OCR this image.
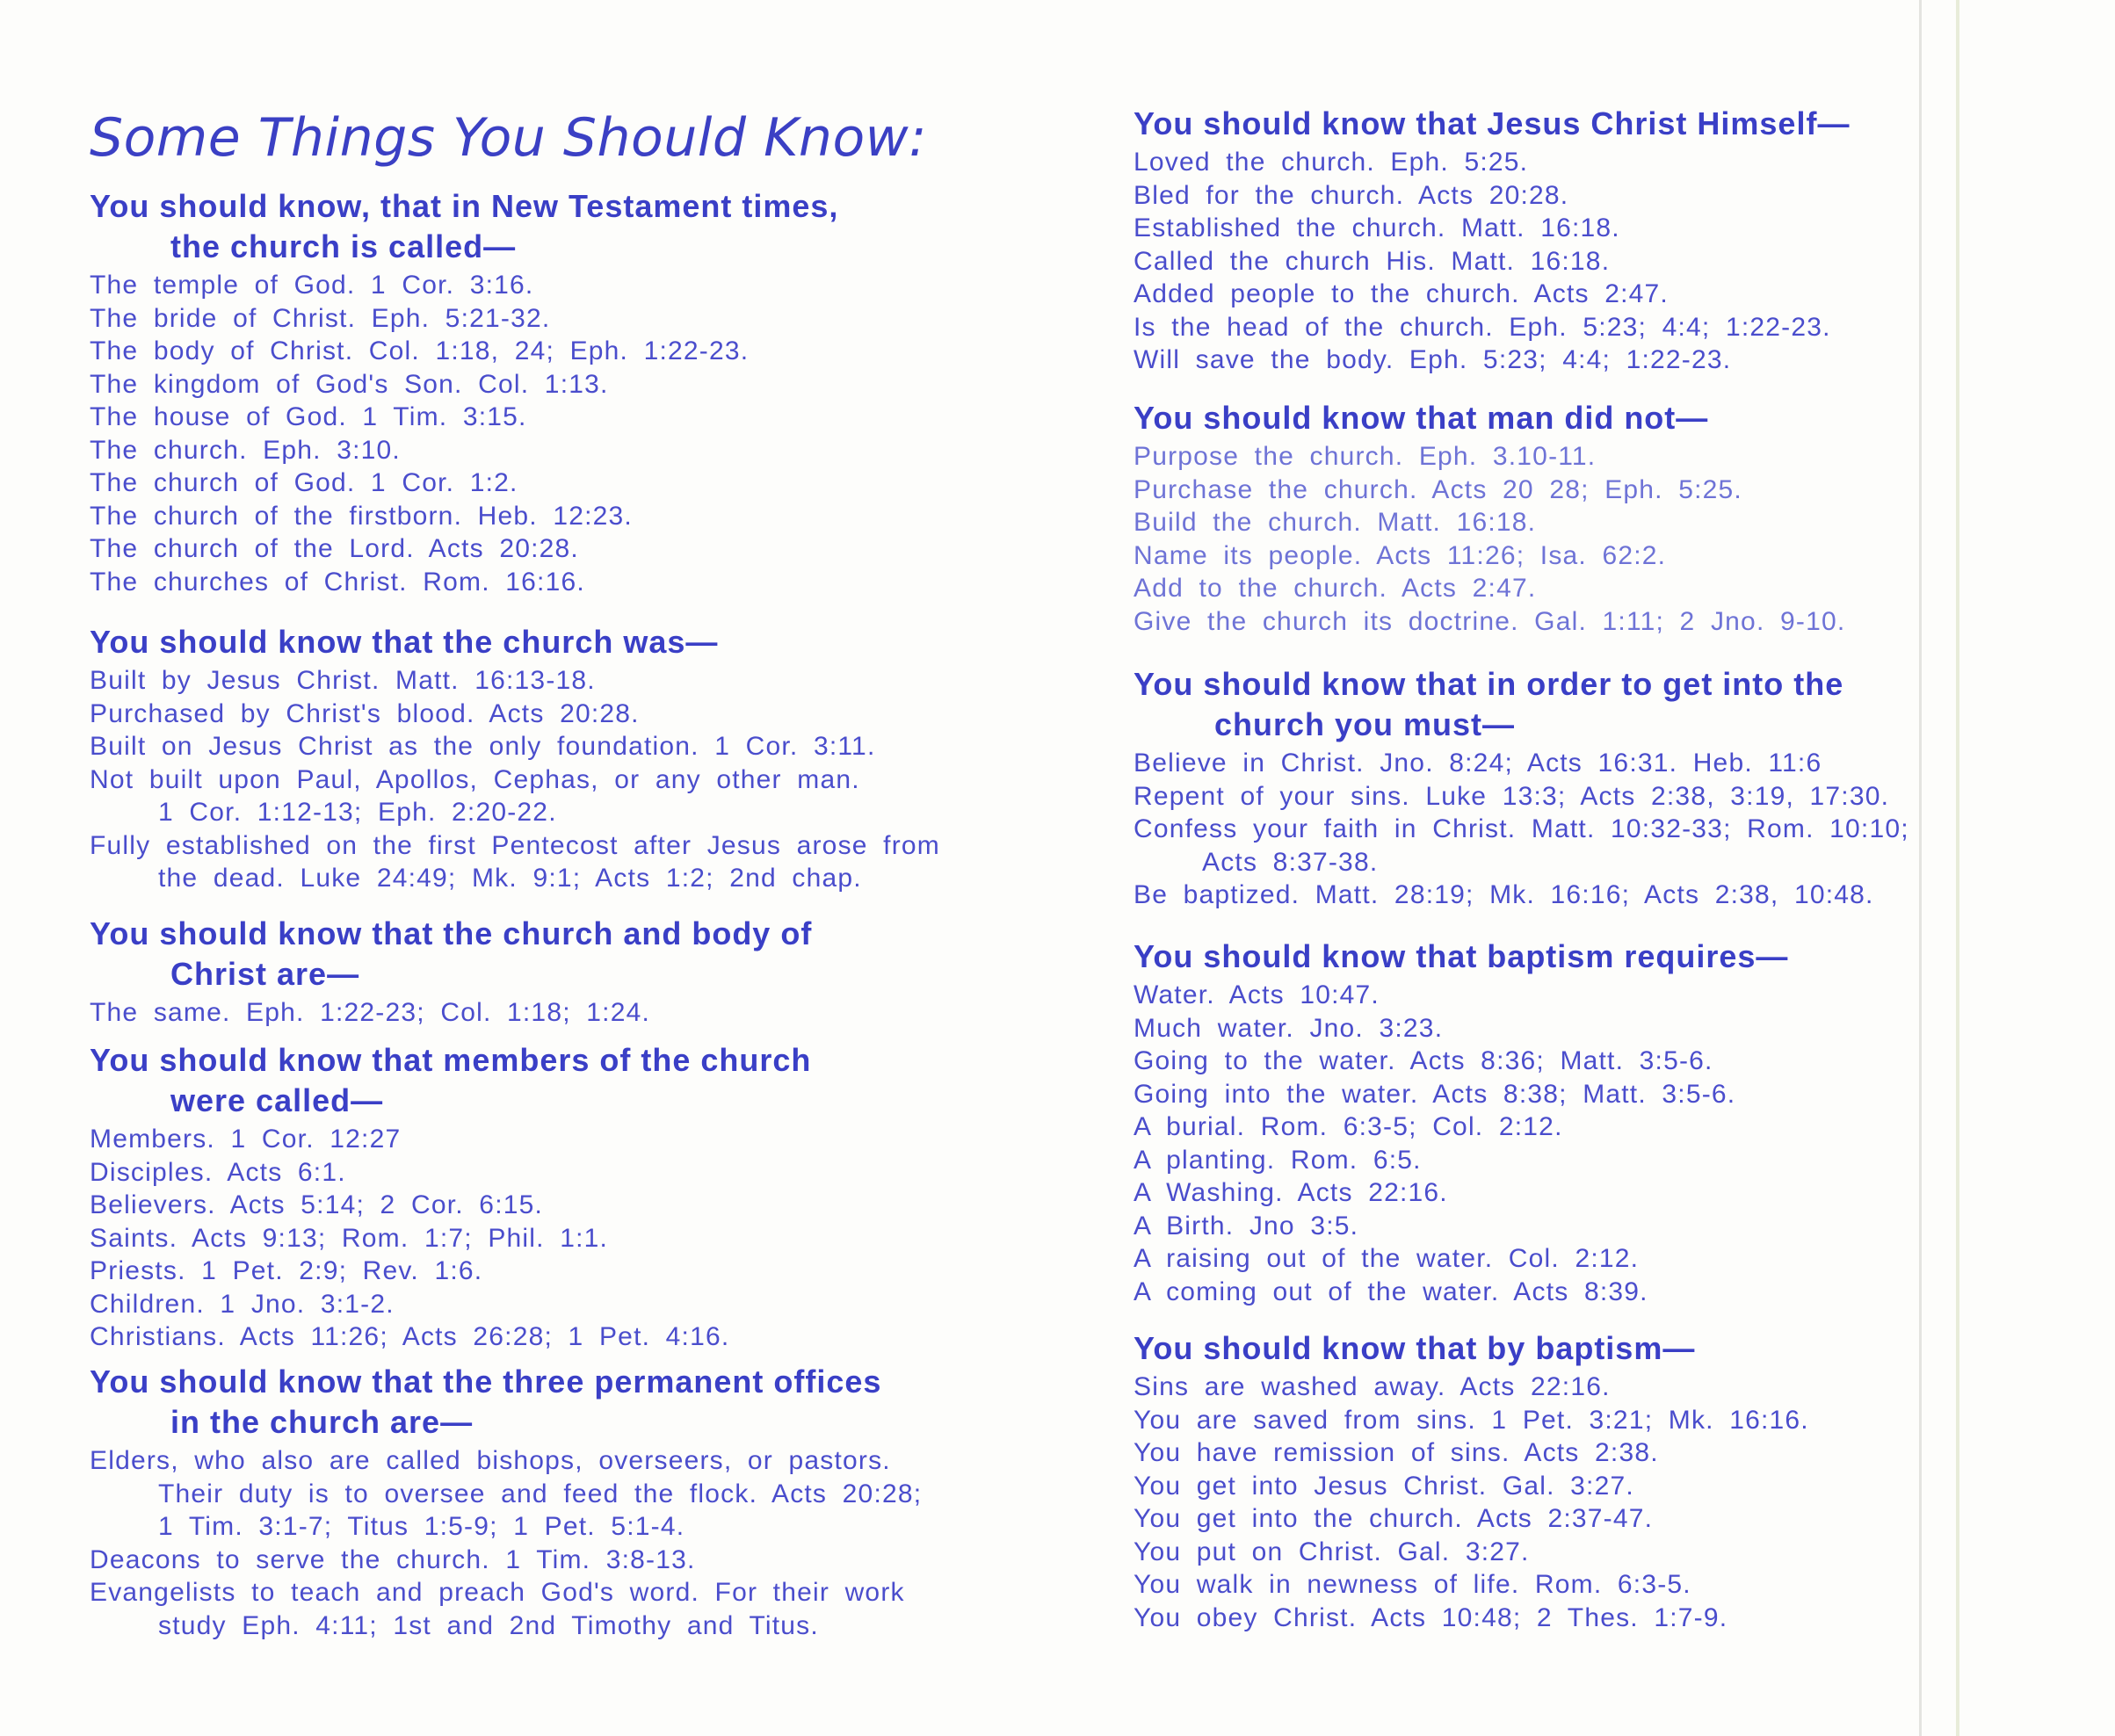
Some Things You Should Know:
You should know, that in New Testament times,
the church is called—
The temple of God. 1 Cor. 3:16.
The bride of Christ. Eph. 5:21-32.
The body of Christ. Col. 1:18, 24; Eph. 1:22-23.
The kingdom of God's Son. Col. 1:13.
The house of God. 1 Tim. 3:15.
The church. Eph. 3:10.
The church of God. 1 Cor. 1:2.
The church of the firstborn. Heb. 12:23.
The church of the Lord. Acts 20:28.
The churches of Christ. Rom. 16:16.
You should know that the church was—
Built by Jesus Christ. Matt. 16:13-18.
Purchased by Christ's blood. Acts 20:28.
Built on Jesus Christ as the only foundation. 1 Cor. 3:11.
Not built upon Paul, Apollos, Cephas, or any other man.
1 Cor. 1:12-13; Eph. 2:20-22.
Fully established on the first Pentecost after Jesus arose from
the dead. Luke 24:49; Mk. 9:1; Acts 1:2; 2nd chap.
You should know that the church and body of
Christ are—
The same. Eph. 1:22-23; Col. 1:18; 1:24.
You should know that members of the church
were called—
Members. 1 Cor. 12:27
Disciples. Acts 6:1.
Believers. Acts 5:14; 2 Cor. 6:15.
Saints. Acts 9:13; Rom. 1:7; Phil. 1:1.
Priests. 1 Pet. 2:9; Rev. 1:6.
Children. 1 Jno. 3:1-2.
Christians. Acts 11:26; Acts 26:28; 1 Pet. 4:16.
You should know that the three permanent offices
in the church are—
Elders, who also are called bishops, overseers, or pastors.
Their duty is to oversee and feed the flock. Acts 20:28;
1 Tim. 3:1-7; Titus 1:5-9; 1 Pet. 5:1-4.
Deacons to serve the church. 1 Tim. 3:8-13.
Evangelists to teach and preach God's word. For their work
study Eph. 4:11; 1st and 2nd Timothy and Titus.
You should know that Jesus Christ Himself—
Loved the church. Eph. 5:25.
Bled for the church. Acts 20:28.
Established the church. Matt. 16:18.
Called the church His. Matt. 16:18.
Added people to the church. Acts 2:47.
Is the head of the church. Eph. 5:23; 4:4; 1:22-23.
Will save the body. Eph. 5:23; 4:4; 1:22-23.
You should know that man did not—
Purpose the church. Eph. 3.10-11.
Purchase the church. Acts 20 28; Eph. 5:25.
Build the church. Matt. 16:18.
Name its people. Acts 11:26; Isa. 62:2.
Add to the church. Acts 2:47.
Give the church its doctrine. Gal. 1:11; 2 Jno. 9-10.
You should know that in order to get into the
church you must—
Believe in Christ. Jno. 8:24; Acts 16:31. Heb. 11:6
Repent of your sins. Luke 13:3; Acts 2:38, 3:19, 17:30.
Confess your faith in Christ. Matt. 10:32-33; Rom. 10:10;
Acts 8:37-38.
Be baptized. Matt. 28:19; Mk. 16:16; Acts 2:38, 10:48.
You should know that baptism requires—
Water. Acts 10:47.
Much water. Jno. 3:23.
Going to the water. Acts 8:36; Matt. 3:5-6.
Going into the water. Acts 8:38; Matt. 3:5-6.
A burial. Rom. 6:3-5; Col. 2:12.
A planting. Rom. 6:5.
A Washing. Acts 22:16.
A Birth. Jno 3:5.
A raising out of the water. Col. 2:12.
A coming out of the water. Acts 8:39.
You should know that by baptism—
Sins are washed away. Acts 22:16.
You are saved from sins. 1 Pet. 3:21; Mk. 16:16.
You have remission of sins. Acts 2:38.
You get into Jesus Christ. Gal. 3:27.
You get into the church. Acts 2:37-47.
You put on Christ. Gal. 3:27.
You walk in newness of life. Rom. 6:3-5.
You obey Christ. Acts 10:48; 2 Thes. 1:7-9.
